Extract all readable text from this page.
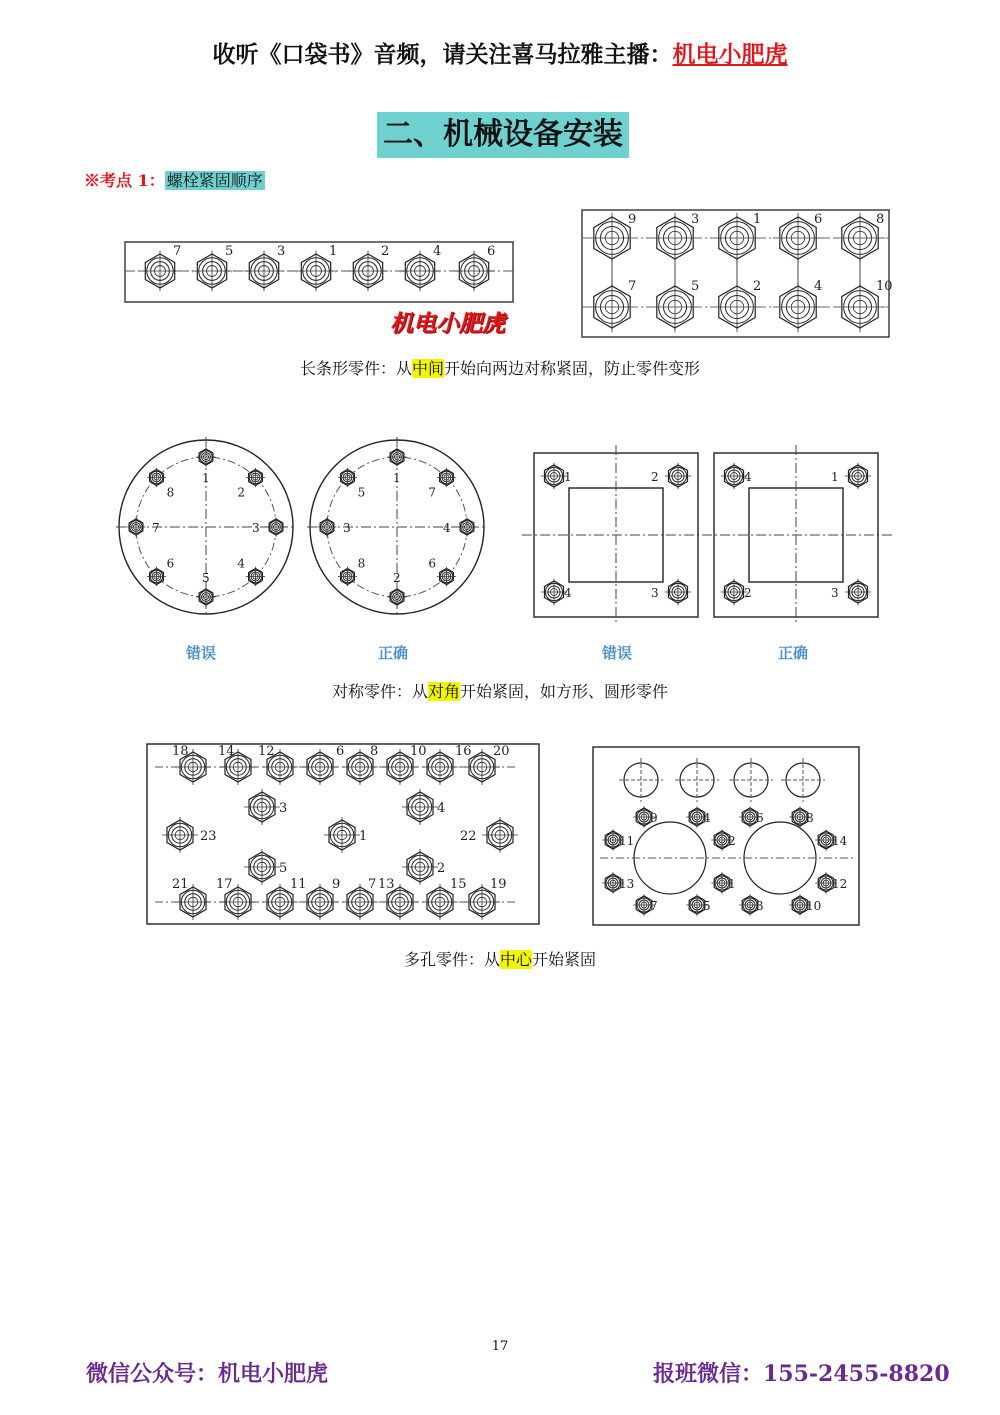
收听《口袋书》音频，请关注喜马拉雅主播：机电小肥虎
二、机械设备安装
※考点 1： 螺栓紧固顺序
7	5	3	1	2	4	6
9
7
3
5
1
2
6
4
8
10
机电小肥虎
长条形零件：从中间开始向两边对称紧固，防止零件变形
1
2
3
4
5
6
7
8
1
7
4
6
2
8
3
5
1	2
4	3
4	1
2	3
错误	正确	错误	正确
对称零件：从对角开始紧固，如方形、圆形零件
18 14 12	6 8 10 16 20
21 17	11 9 7 13	15 19
3	4
23	1	22
5	2
9	4	6	8
11	2	14
13	1	12
7	5	3	10
多孔零件：从中心开始紧固
17
微信公众号：机电小肥虎	报班微信：155-2455-8820
